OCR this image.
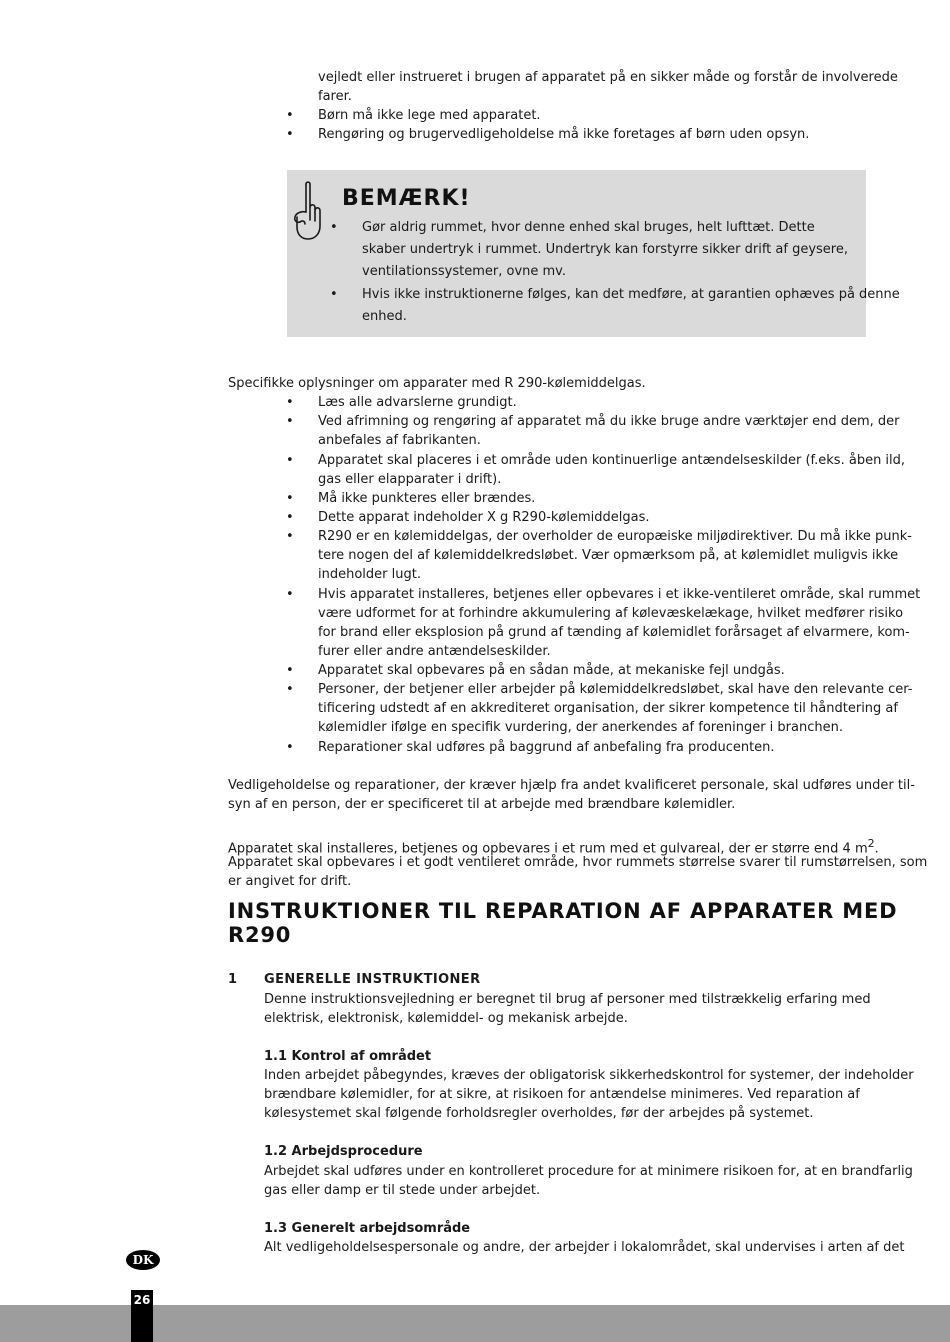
vejledt eller instrueret i brugen af apparatet på en sikker måde og forstår de involverede
farer.
• Børn må ikke lege med apparatet.
• Rengøring og brugervedligeholdelse må ikke foretages af børn uden opsyn.
BEMÆRK!
• Gør aldrig rummet, hvor denne enhed skal bruges, helt lufttæt. Dette
skaber undertryk i rummet. Undertryk kan forstyrre sikker drift af geysere,
ventilationssystemer, ovne mv.
• Hvis ikke instruktionerne følges, kan det medføre, at garantien ophæves på denne
enhed.
Specifikke oplysninger om apparater med R 290-kølemiddelgas.
• Læs alle advarslerne grundigt.
• Ved afrimning og rengøring af apparatet må du ikke bruge andre værktøjer end dem, der
anbefales af fabrikanten.
• Apparatet skal placeres i et område uden kontinuerlige antændelseskilder (f.eks. åben ild,
gas eller elapparater i drift).
• Må ikke punkteres eller brændes.
• Dette apparat indeholder X g R290-kølemiddelgas.
• R290 er en kølemiddelgas, der overholder de europæiske miljødirektiver. Du må ikke punk-
tere nogen del af kølemiddelkredsløbet. Vær opmærksom på, at kølemidlet muligvis ikke
indeholder lugt.
• Hvis apparatet installeres, betjenes eller opbevares i et ikke-ventileret område, skal rummet
være udformet for at forhindre akkumulering af kølevæskelækage, hvilket medfører risiko
for brand eller eksplosion på grund af tænding af kølemidlet forårsaget af elvarmere, kom-
furer eller andre antændelseskilder.
• Apparatet skal opbevares på en sådan måde, at mekaniske fejl undgås.
• Personer, der betjener eller arbejder på kølemiddelkredsløbet, skal have den relevante cer-
tificering udstedt af en akkrediteret organisation, der sikrer kompetence til håndtering af
kølemidler ifølge en specifik vurdering, der anerkendes af foreninger i branchen.
• Reparationer skal udføres på baggrund af anbefaling fra producenten.
Vedligeholdelse og reparationer, der kræver hjælp fra andet kvalificeret personale, skal udføres under til-
syn af en person, der er specificeret til at arbejde med brændbare kølemidler.
Apparatet skal installeres, betjenes og opbevares i et rum med et gulvareal, der er større end 4 $m^2$.
Apparatet skal opbevares i et godt ventileret område, hvor rummets størrelse svarer til rumstørrelsen, som
er angivet for drift.
INSTRUKTIONER TIL REPARATION AF APPARATER MED
R290
1 GENERELLE INSTRUKTIONER
Denne instruktionsvejledning er beregnet til brug af personer med tilstrækkelig erfaring med
elektrisk, elektronisk, kølemiddel- og mekanisk arbejde.
1.1 Kontrol af området
Inden arbejdet påbegyndes, kræves der obligatorisk sikkerhedskontrol for systemer, der indeholder
brændbare kølemidler, for at sikre, at risikoen for antændelse minimeres. Ved reparation af
kølesystemet skal følgende forholdsregler overholdes, før der arbejdes på systemet.
1.2 Arbejdsprocedure
Arbejdet skal udføres under en kontrolleret procedure for at minimere risikoen for, at en brandfarlig
gas eller damp er til stede under arbejdet.
1.3 Generelt arbejdsområde
Alt vedligeholdelsespersonale og andre, der arbejder i lokalområdet, skal undervises i arten af det
DK
26
